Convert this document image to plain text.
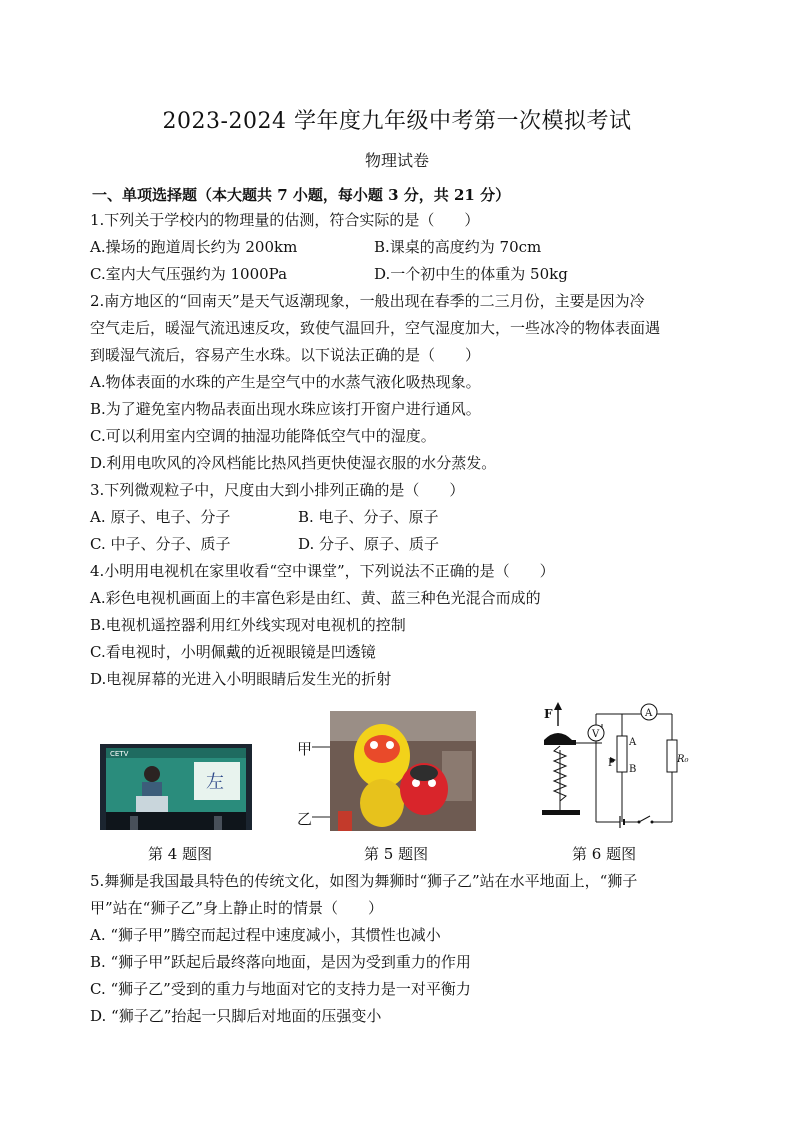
2023-2024 学年度九年级中考第一次模拟考试
物理试卷
一、单项选择题（本大题共 7 小题，每小题 3 分，共 21 分）
1.下列关于学校内的物理量的估测，符合实际的是（　　）
A.操场的跑道周长约为 200km	B.课桌的高度约为 70cm
C.室内大气压强约为 1000Pa	D.一个初中生的体重为 50kg
2.南方地区的“回南天”是天气返潮现象，一般出现在春季的二三月份，主要是因为冷
空气走后，暖湿气流迅速反攻，致使气温回升，空气湿度加大，一些冰冷的物体表面遇
到暖湿气流后，容易产生水珠。以下说法正确的是（　　）
A.物体表面的水珠的产生是空气中的水蒸气液化吸热现象。
B.为了避免室内物品表面出现水珠应该打开窗户进行通风。
C.可以利用室内空调的抽湿功能降低空气中的湿度。
D.利用电吹风的冷风档能比热风挡更快使湿衣服的水分蒸发。
3.下列微观粒子中，尺度由大到小排列正确的是（　　）
A. 原子、电子、分子	B. 电子、分子、原子
C. 中子、分子、质子	D. 分子、原子、质子
4.小明用电视机在家里收看“空中课堂”，下列说法不正确的是（　　）
A.彩色电视机画面上的丰富色彩是由红、黄、蓝三种色光混合而成的
B.电视机遥控器利用红外线实现对电视机的控制
C.看电视时，小明佩戴的近视眼镜是凹透镜
D.电视屏幕的光进入小明眼睛后发生光的折射
CETV
左
第 4 题图
甲
乙
第 5 题图
F
V
A
A
P
B
R₀
第 6 题图
5.舞狮是我国最具特色的传统文化，如图为舞狮时“狮子乙”站在水平地面上，“狮子
甲”站在“狮子乙”身上静止时的情景（　　）
A. “狮子甲”腾空而起过程中速度减小，其惯性也减小
B. “狮子甲”跃起后最终落向地面，是因为受到重力的作用
C. “狮子乙”受到的重力与地面对它的支持力是一对平衡力
D. “狮子乙”抬起一只脚后对地面的压强变小
